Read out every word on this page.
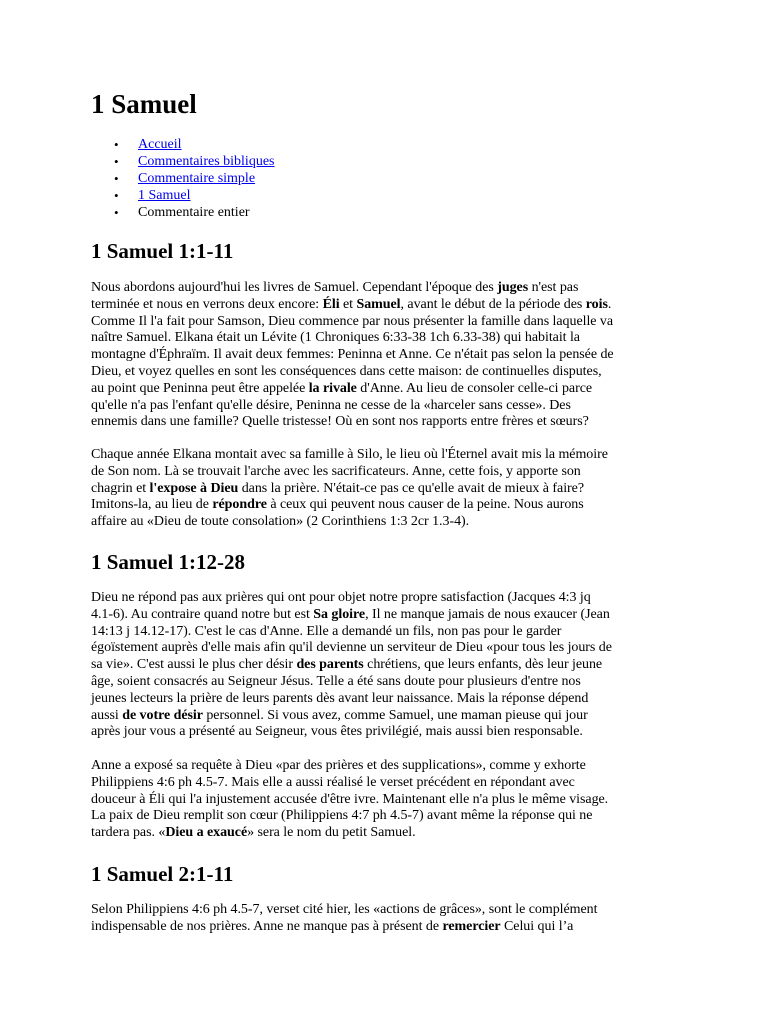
1 Samuel
• Accueil
• Commentaires bibliques
• Commentaire simple
• 1 Samuel
• Commentaire entier
1 Samuel 1:1-11

Nous abordons aujourd'hui les livres de Samuel. Cependant l'époque des juges n'est pas
terminée et nous en verrons deux encore: Éli et Samuel, avant le début de la période des rois.
Comme Il l'a fait pour Samson, Dieu commence par nous présenter la famille dans laquelle va
naître Samuel. Elkana était un Lévite (1 Chroniques 6:33-38 1ch 6.33-38) qui habitait la
montagne d'Éphraïm. Il avait deux femmes: Peninna et Anne. Ce n'était pas selon la pensée de
Dieu, et voyez quelles en sont les conséquences dans cette maison: de continuelles disputes,
au point que Peninna peut être appelée la rivale d'Anne. Au lieu de consoler celle-ci parce
qu'elle n'a pas l'enfant qu'elle désire, Peninna ne cesse de la «harceler sans cesse». Des
ennemis dans une famille? Quelle tristesse! Où en sont nos rapports entre frères et sœurs?

Chaque année Elkana montait avec sa famille à Silo, le lieu où l'Éternel avait mis la mémoire
de Son nom. Là se trouvait l'arche avec les sacrificateurs. Anne, cette fois, y apporte son
chagrin et l'expose à Dieu dans la prière. N'était-ce pas ce qu'elle avait de mieux à faire?
Imitons-la, au lieu de répondre à ceux qui peuvent nous causer de la peine. Nous aurons
affaire au «Dieu de toute consolation» (2 Corinthiens 1:3 2cr 1.3-4).

1 Samuel 1:12-28

Dieu ne répond pas aux prières qui ont pour objet notre propre satisfaction (Jacques 4:3 jq
4.1-6). Au contraire quand notre but est Sa gloire, Il ne manque jamais de nous exaucer (Jean
14:13 j 14.12-17). C'est le cas d'Anne. Elle a demandé un fils, non pas pour le garder
égoïstement auprès d'elle mais afin qu'il devienne un serviteur de Dieu «pour tous les jours de
sa vie». C'est aussi le plus cher désir des parents chrétiens, que leurs enfants, dès leur jeune
âge, soient consacrés au Seigneur Jésus. Telle a été sans doute pour plusieurs d'entre nos
jeunes lecteurs la prière de leurs parents dès avant leur naissance. Mais la réponse dépend
aussi de votre désir personnel. Si vous avez, comme Samuel, une maman pieuse qui jour
après jour vous a présenté au Seigneur, vous êtes privilégié, mais aussi bien responsable.

Anne a exposé sa requête à Dieu «par des prières et des supplications», comme y exhorte
Philippiens 4:6 ph 4.5-7. Mais elle a aussi réalisé le verset précédent en répondant avec
douceur à Éli qui l'a injustement accusée d'être ivre. Maintenant elle n'a plus le même visage.
La paix de Dieu remplit son cœur (Philippiens 4:7 ph 4.5-7) avant même la réponse qui ne
tardera pas. «Dieu a exaucé» sera le nom du petit Samuel.

1 Samuel 2:1-11

Selon Philippiens 4:6 ph 4.5-7, verset cité hier, les «actions de grâces», sont le complément
indispensable de nos prières. Anne ne manque pas à présent de remercier Celui qui l’a
